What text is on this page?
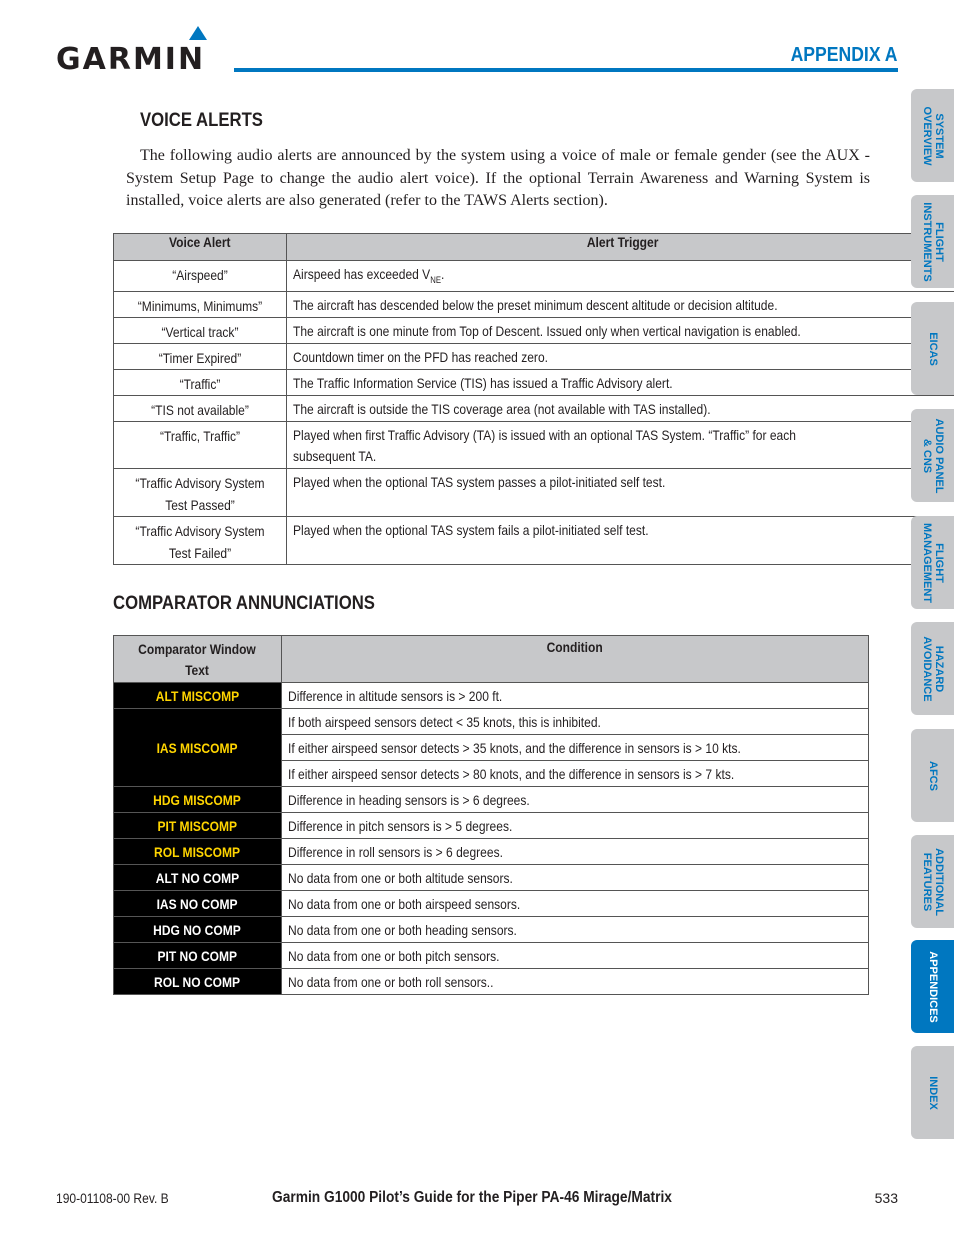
GARMIN	APPENDIX A
VOICE ALERTS

The following audio alerts are announced by the system using a voice of male or female gender (see the AUX - System Setup Page to change the audio alert voice). If the optional Terrain Awareness and Warning System is installed, voice alerts are also generated (refer to the TAWS Alerts section).

Voice Alert	Alert Trigger
“Airspeed”	Airspeed has exceeded $V_{NE}$.
“Minimums, Minimums”	The aircraft has descended below the preset minimum descent altitude or decision altitude.
“Vertical track”	The aircraft is one minute from Top of Descent. Issued only when vertical navigation is enabled.
“Timer Expired”	Countdown timer on the PFD has reached zero.
“Traffic”	The Traffic Information Service (TIS) has issued a Traffic Advisory alert.
“TIS not available”	The aircraft is outside the TIS coverage area (not available with TAS installed).
“Traffic, Traffic”	Played when first Traffic Advisory (TA) is issued with an optional TAS System. “Traffic” for each subsequent TA.
“Traffic Advisory System Test Passed”	Played when the optional TAS system passes a pilot-initiated self test.
“Traffic Advisory System Test Failed”	Played when the optional TAS system fails a pilot-initiated self test.
COMPARATOR ANNUNCIATIONS
Comparator Window Text	Condition
ALT MISCOMP	Difference in altitude sensors is > 200 ft.
IAS MISCOMP	If both airspeed sensors detect < 35 knots, this is inhibited.
	If either airspeed sensor detects > 35 knots, and the difference in sensors is > 10 kts.
	If either airspeed sensor detects > 80 knots, and the difference in sensors is > 7 kts.
HDG MISCOMP	Difference in heading sensors is > 6 degrees.
PIT MISCOMP	Difference in pitch sensors is > 5 degrees.
ROL MISCOMP	Difference in roll sensors is > 6 degrees.
ALT NO COMP	No data from one or both altitude sensors.
IAS NO COMP	No data from one or both airspeed sensors.
HDG NO COMP	No data from one or both heading sensors.
PIT NO COMP	No data from one or both pitch sensors.
ROL NO COMP	No data from one or both roll sensors..
SYSTEM
OVERVIEW
FLIGHT
INSTRUMENTS
EICAS
AUDIO PANEL
& CNS
FLIGHT
MANAGEMENT
HAZARD
AVOIDANCE
AFCS
ADDITIONAL
FEATURES
APPENDICES
INDEX
190-01108-00 Rev. B	Garmin G1000 Pilot’s Guide for the Piper PA-46 Mirage/Matrix	533
